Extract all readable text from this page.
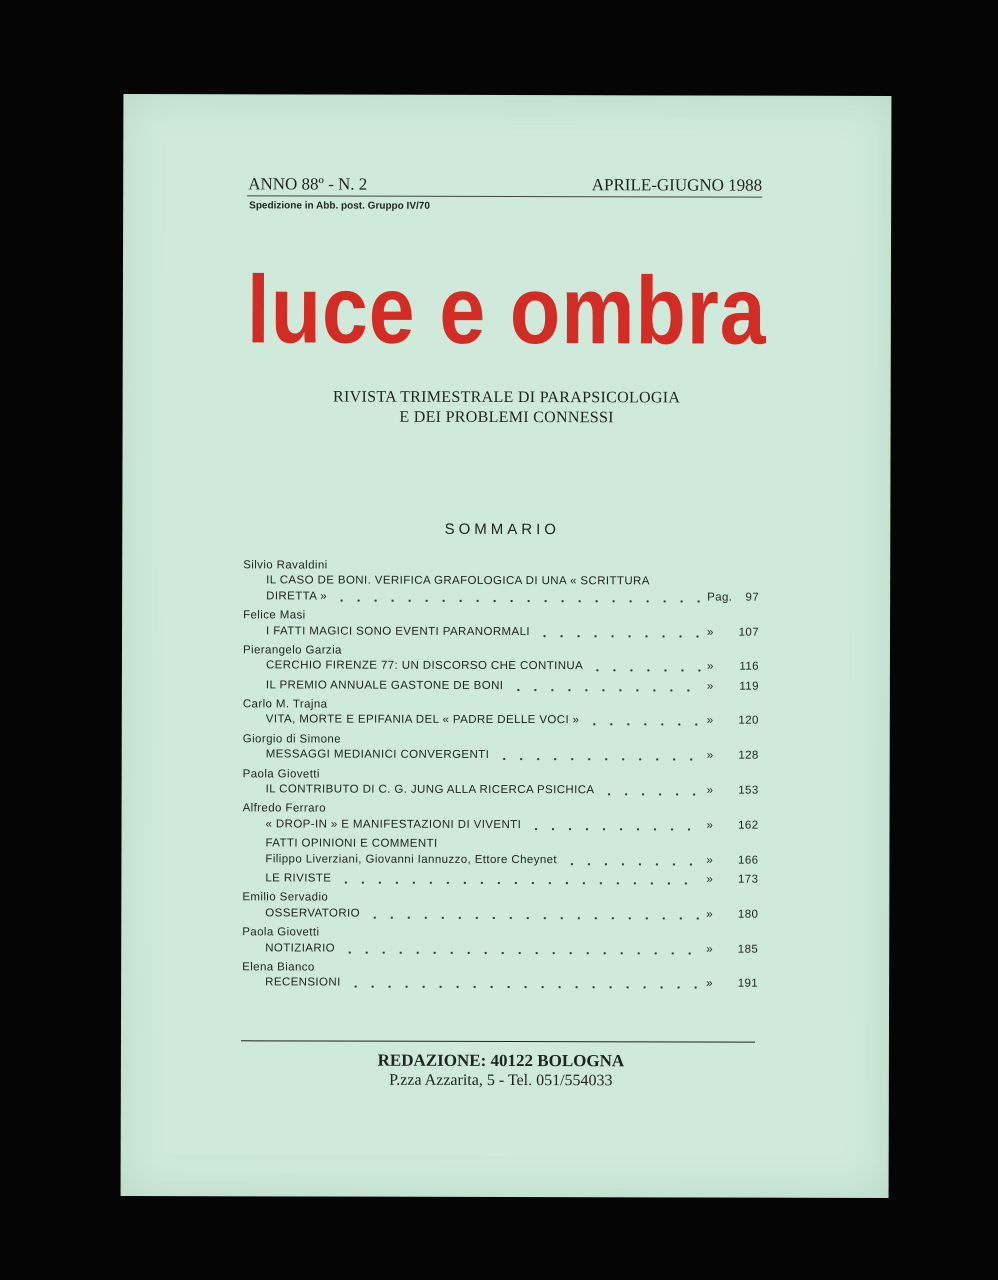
ANNO 88º - N. 2	APRILE-GIUGNO 1988
Spedizione in Abb. post. Gruppo IV/70
luce e ombra
RIVISTA TRIMESTRALE DI PARAPSICOLOGIA
E DEI PROBLEMI CONNESSI
SOMMARIO
Silvio Ravaldini
IL CASO DE BONI. VERIFICA GRAFOLOGICA DI UNA « SCRITTURA
DIRETTA »	Pag.	97
Felice Masi
I FATTI MAGICI SONO EVENTI PARANORMALI	»	107
Pierangelo Garzia
CERCHIO FIRENZE 77: UN DISCORSO CHE CONTINUA	»	116
IL PREMIO ANNUALE GASTONE DE BONI	»	119
Carlo M. Trajna
VITA, MORTE E EPIFANIA DEL « PADRE DELLE VOCI »	»	120
Giorgio di Simone
MESSAGGI MEDIANICI CONVERGENTI	»	128
Paola Giovetti
IL CONTRIBUTO DI C. G. JUNG ALLA RICERCA PSICHICA	»	153
Alfredo Ferraro
« DROP-IN » E MANIFESTAZIONI DI VIVENTI	»	162
FATTI OPINIONI E COMMENTI
Filippo Liverziani, Giovanni Iannuzzo, Ettore Cheynet	»	166
LE RIVISTE	»	173
Emilio Servadio
OSSERVATORIO	»	180
Paola Giovetti
NOTIZIARIO	»	185
Elena Bianco
RECENSIONI	»	191
REDAZIONE: 40122 BOLOGNA
P.zza Azzarita, 5 - Tel. 051/554033
